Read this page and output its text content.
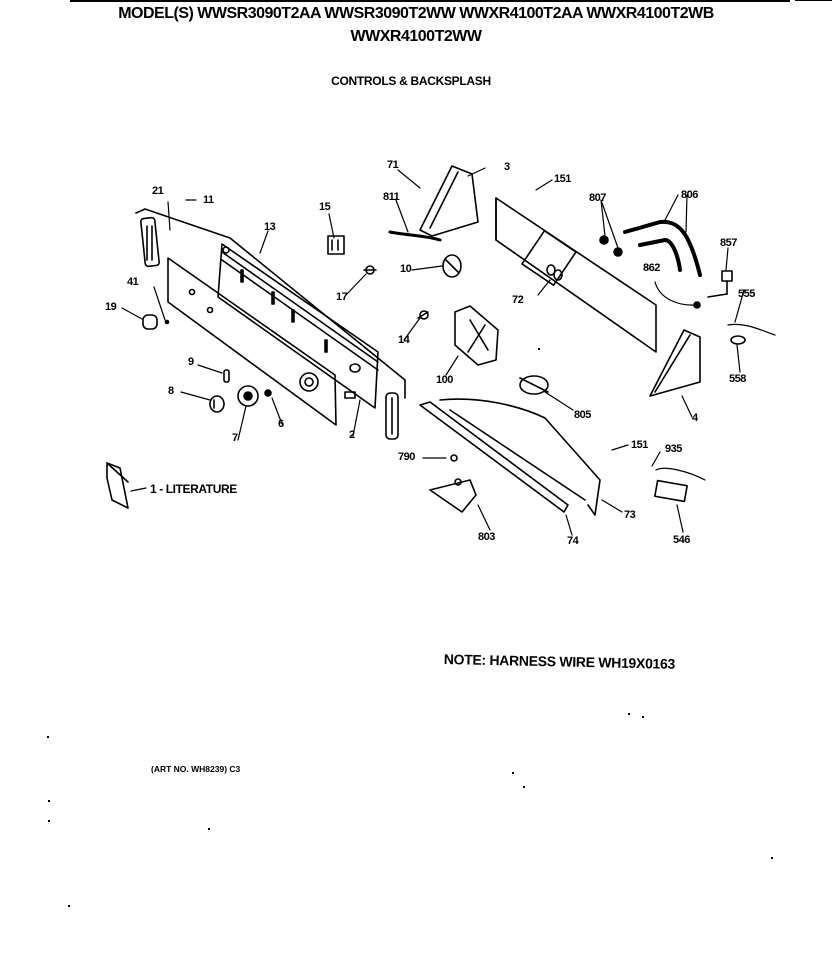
MODEL(S) WWSR3090T2AA WWSR3090T2WW WWXR4100T2AA WWXR4100T2WB
WWXR4100T2WW
CONTROLS & BACKSPLASH
21
11
13
15
41
19
17
9
8
7
6
2
71	3
811
10
14
100
151
72
807	806
857
862
555
558
4
805
151 935
790
73
803	74	546
1 - LITERATURE
NOTE: HARNESS WIRE WH19X0163
(ART NO. WH8239) C3
